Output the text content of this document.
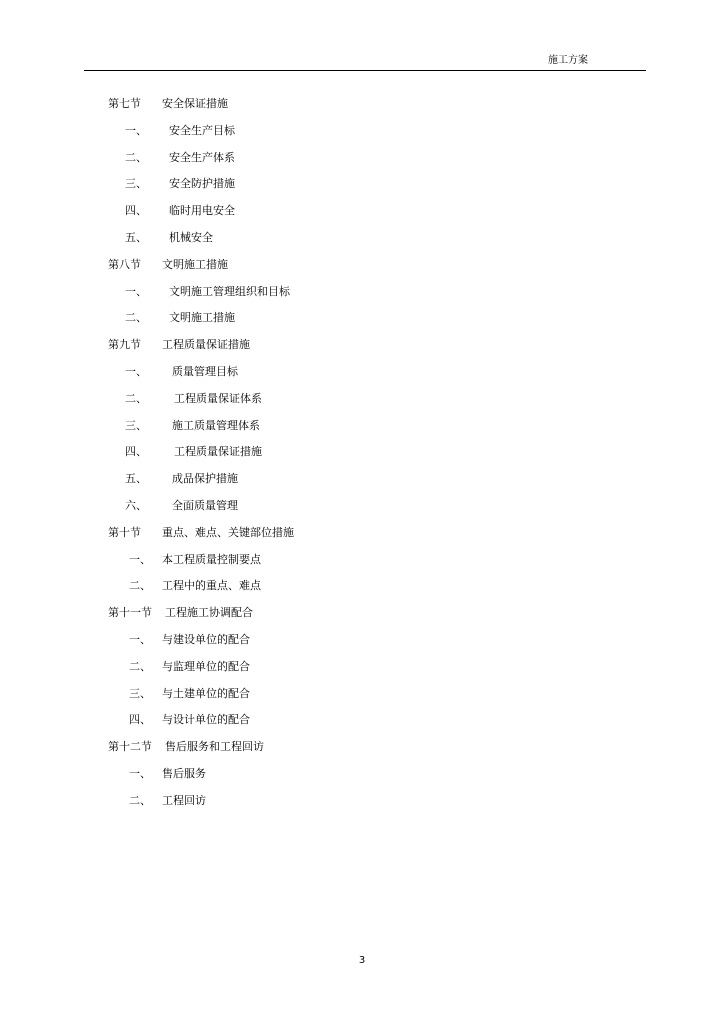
施工方案
第七节 安全保证措施
一、 安全生产目标
二、 安全生产体系
三、 安全防护措施
四、 临时用电安全
五、 机械安全
第八节 文明施工措施
一、 文明施工管理组织和目标
二、 文明施工措施
第九节 工程质量保证措施
一、 质量管理目标
二、 工程质量保证体系
三、 施工质量管理体系
四、 工程质量保证措施
五、 成品保护措施
六、 全面质量管理
第十节 重点、难点、关键部位措施
一、 本工程质量控制要点
二、 工程中的重点、难点
第十一节 工程施工协调配合
一、 与建设单位的配合
二、 与监理单位的配合
三、 与土建单位的配合
四、 与设计单位的配合
第十二节 售后服务和工程回访
一、 售后服务
二、 工程回访
3
